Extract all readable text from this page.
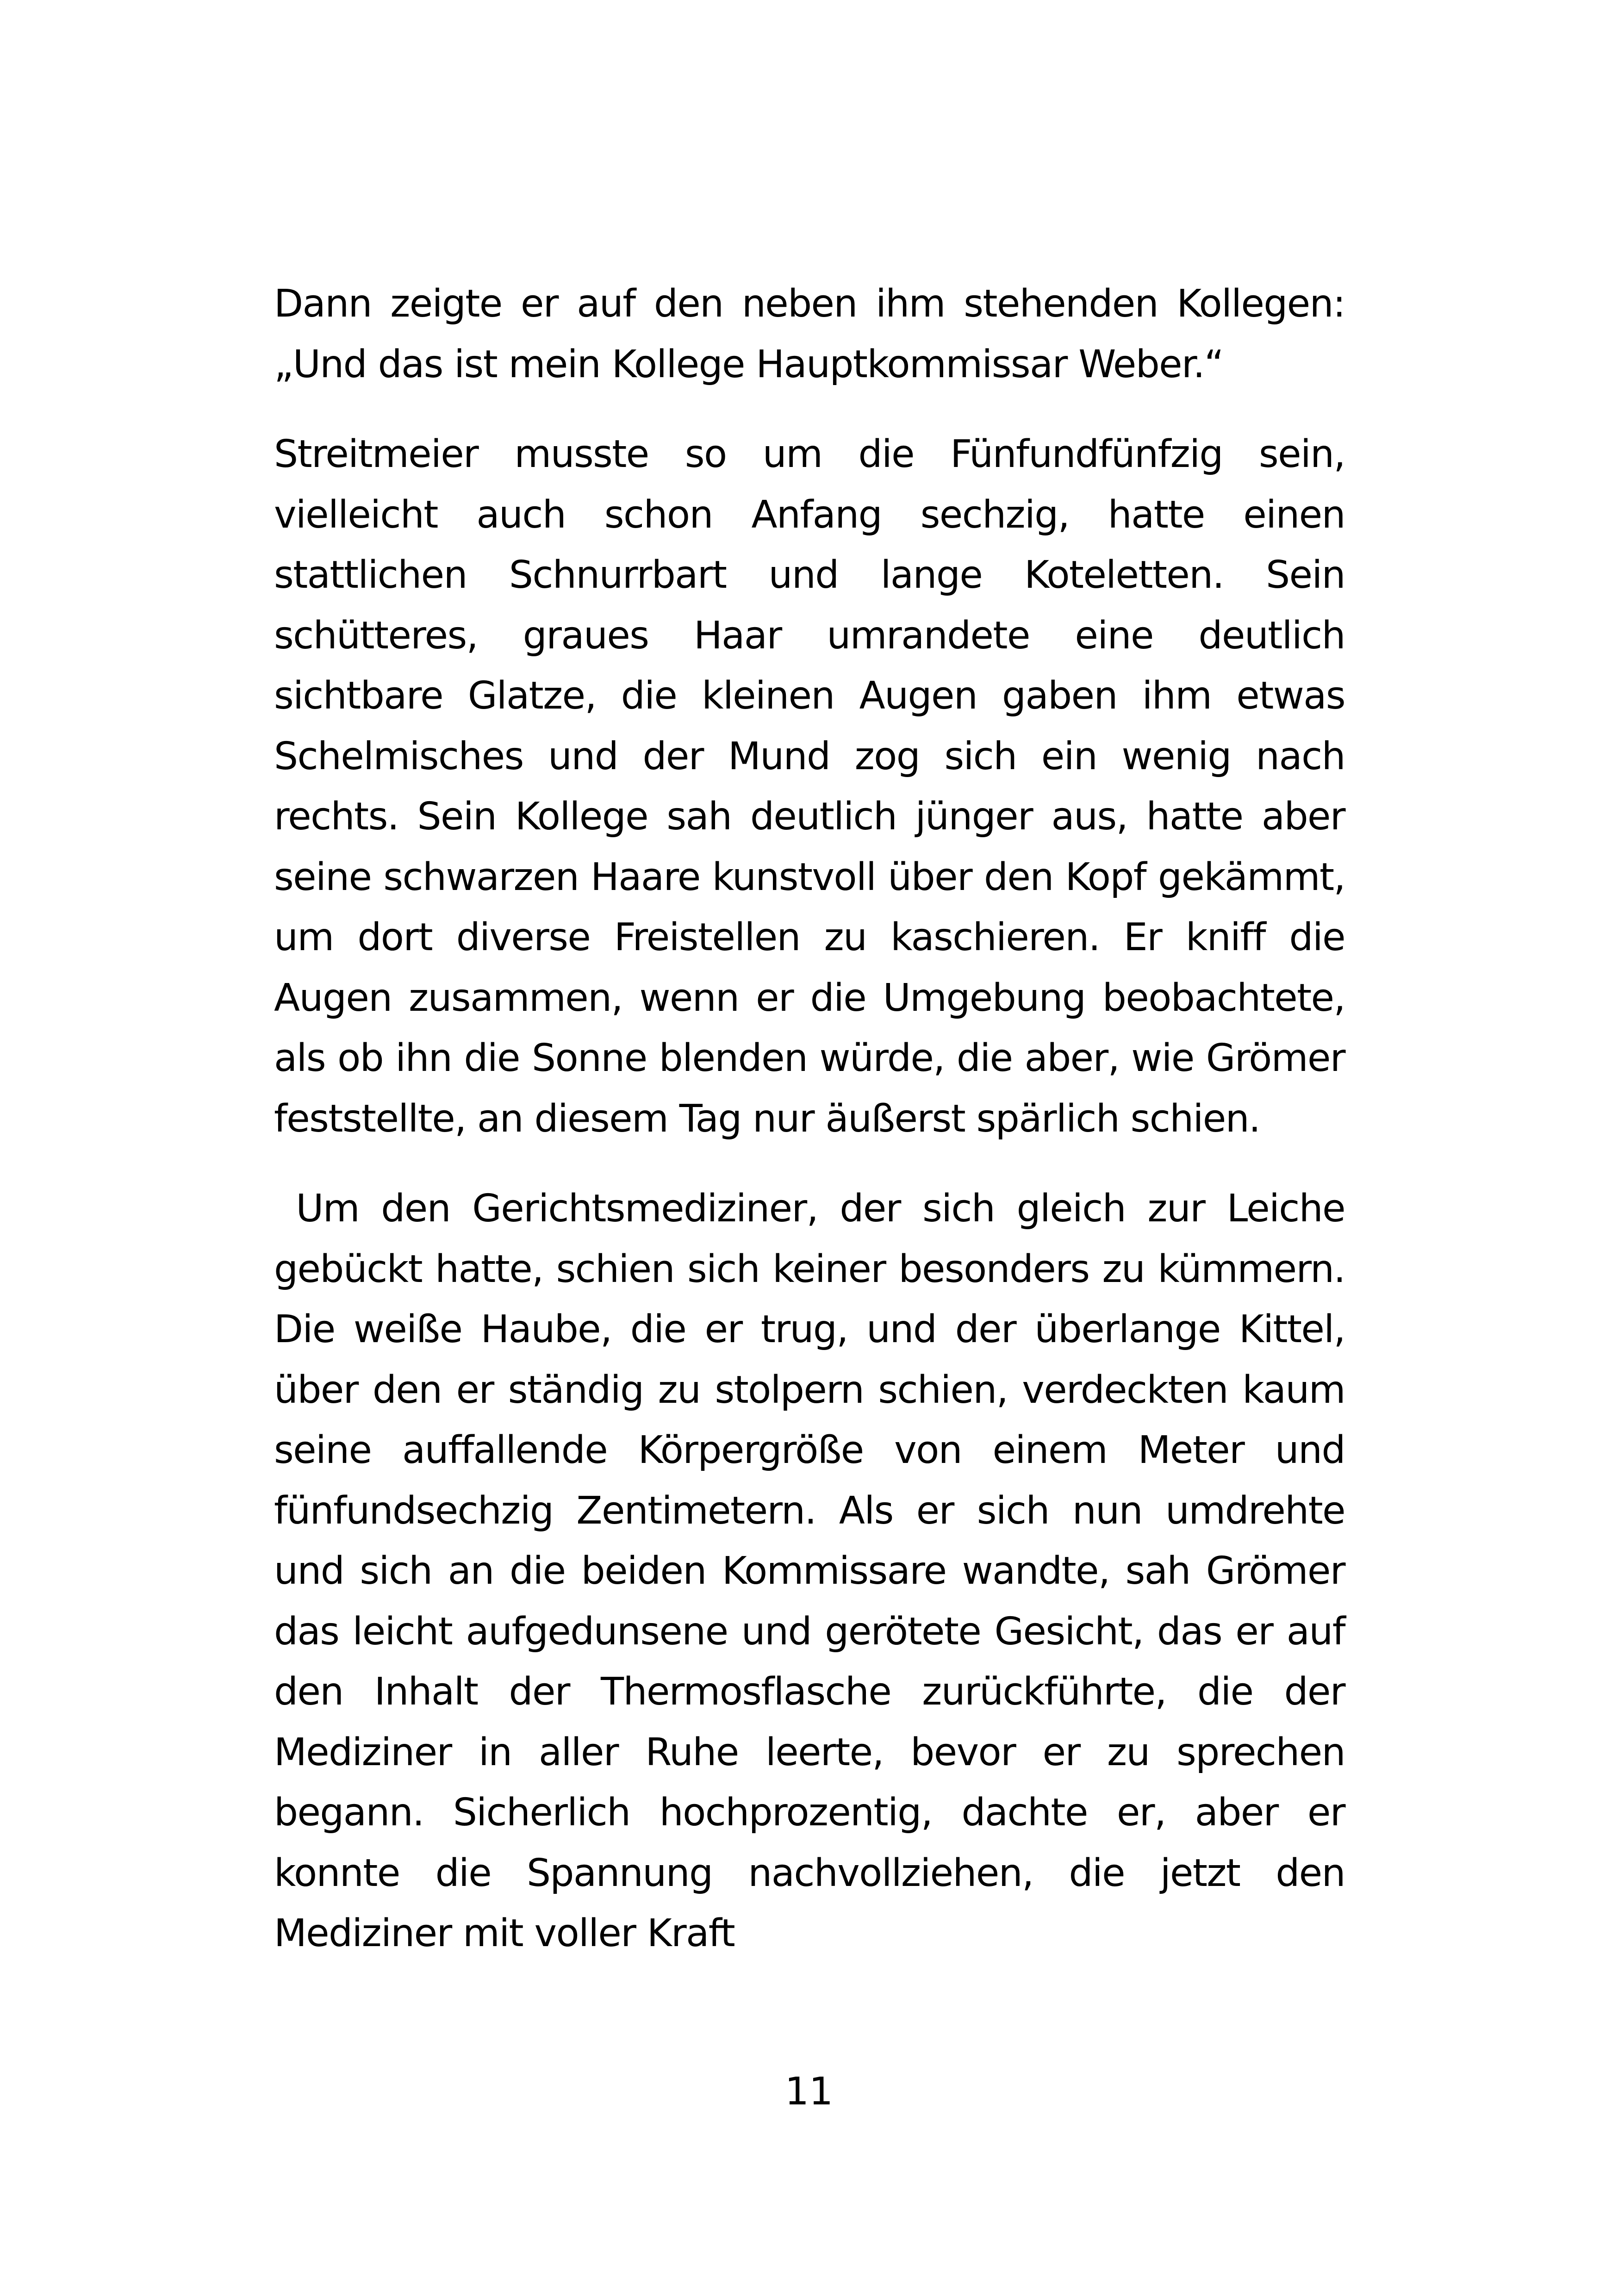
Dann zeigte er auf den neben ihm stehenden Kollegen: „Und das ist mein Kollege Hauptkommissar Weber.“

Streitmeier musste so um die Fünfundfünfzig sein, vielleicht auch schon Anfang sechzig, hatte einen stattlichen Schnurrbart und lange Koteletten. Sein schütteres, graues Haar umrandete eine deutlich sichtbare Glatze, die kleinen Augen gaben ihm etwas Schelmisches und der Mund zog sich ein wenig nach rechts. Sein Kollege sah deutlich jünger aus, hatte aber seine schwarzen Haare kunstvoll über den Kopf gekämmt, um dort diverse Freistellen zu kaschieren. Er kniff die Augen zusammen, wenn er die Umgebung beobachtete, als ob ihn die Sonne blenden würde, die aber, wie Grömer feststellte, an diesem Tag nur äußerst spärlich schien.

Um den Gerichtsmediziner, der sich gleich zur Leiche gebückt hatte, schien sich keiner besonders zu kümmern. Die weiße Haube, die er trug, und der überlange Kittel, über den er ständig zu stolpern schien, verdeckten kaum seine auffallende Körpergröße von einem Meter und fünfundsechzig Zentimetern. Als er sich nun umdrehte und sich an die beiden Kommissare wandte, sah Grömer das leicht aufgedunsene und gerötete Gesicht, das er auf den Inhalt der Thermosflasche zurückführte, die der Mediziner in aller Ruhe leerte, bevor er zu sprechen begann. Sicherlich hochprozentig, dachte er, aber er konnte die Spannung nachvollziehen, die jetzt den Mediziner mit voller Kraft

11
